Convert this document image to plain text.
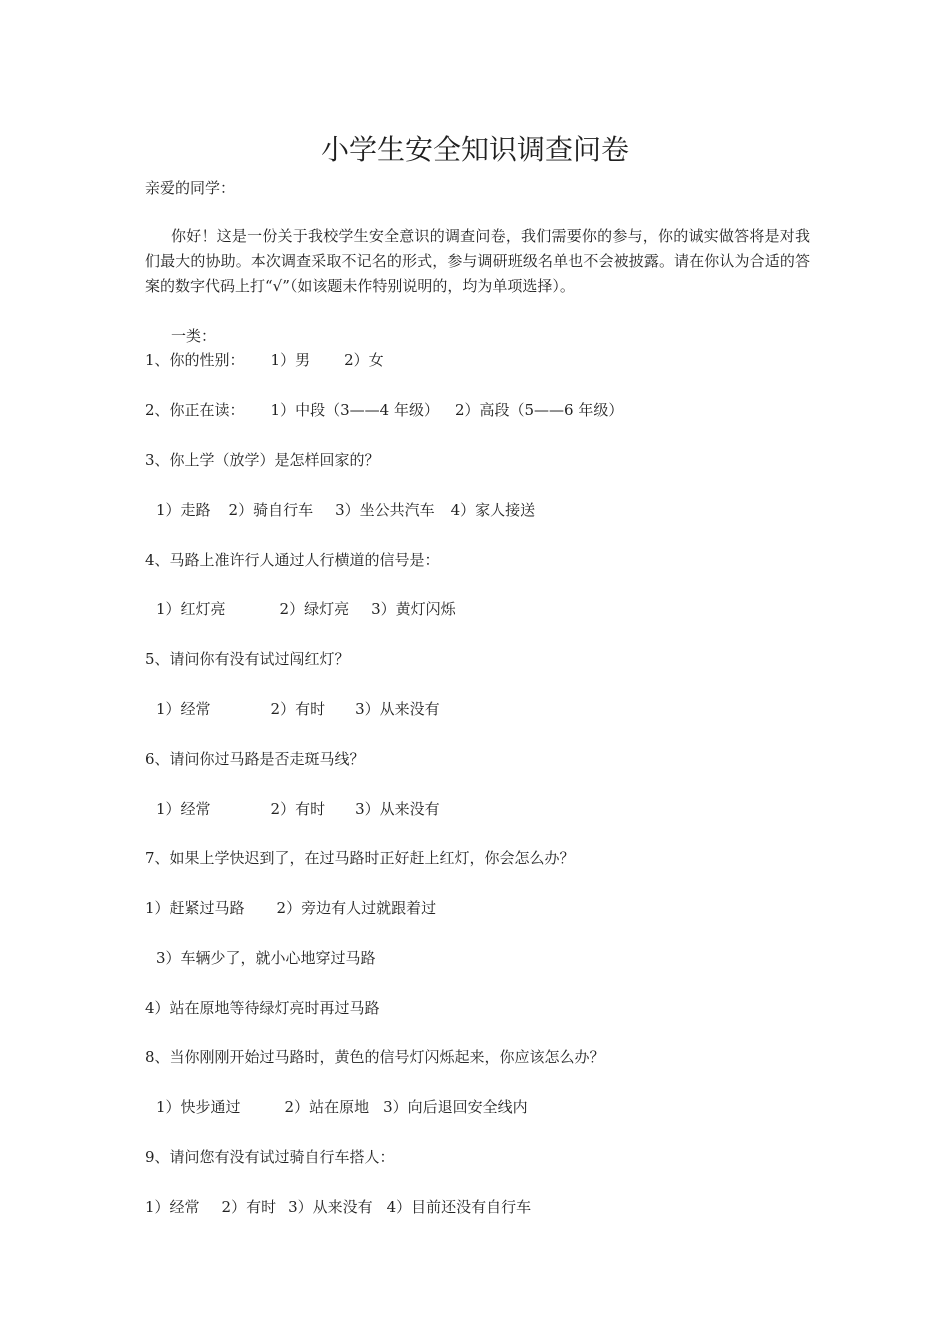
小学生安全知识调查问卷
亲爱的同学：
你好！这是一份关于我校学生安全意识的调查问卷，我们需要你的参与，你的诚实做答将是对我们最大的协助。本次调查采取不记名的形式，参与调研班级名单也不会被披露。请在你认为合适的答案的数字代码上打“√”（如该题未作特别说明的，均为单项选择）。
一类：
1、你的性别： 1）男 2）女
2、你正在读： 1）中段（3——4 年级） 2）高段（5——6 年级）
3、你上学（放学）是怎样回家的？
1）走路 2）骑自行车 3）坐公共汽车 4）家人接送
4、马路上准许行人通过人行横道的信号是：
1）红灯亮	2）绿灯亮 3）黄灯闪烁
5、请问你有没有试过闯红灯？
1）经常	2）有时 3）从来没有
6、请问你过马路是否走斑马线？
1）经常	2）有时 3）从来没有
7、如果上学快迟到了，在过马路时正好赶上红灯，你会怎么办？
1）赶紧过马路 2）旁边有人过就跟着过
3）车辆少了，就小心地穿过马路
4）站在原地等待绿灯亮时再过马路
8、当你刚刚开始过马路时，黄色的信号灯闪烁起来，你应该怎么办？
1）快步通过	2）站在原地 3）向后退回安全线内
9、请问您有没有试过骑自行车搭人：
1）经常 2）有时 3）从来没有 4）目前还没有自行车
